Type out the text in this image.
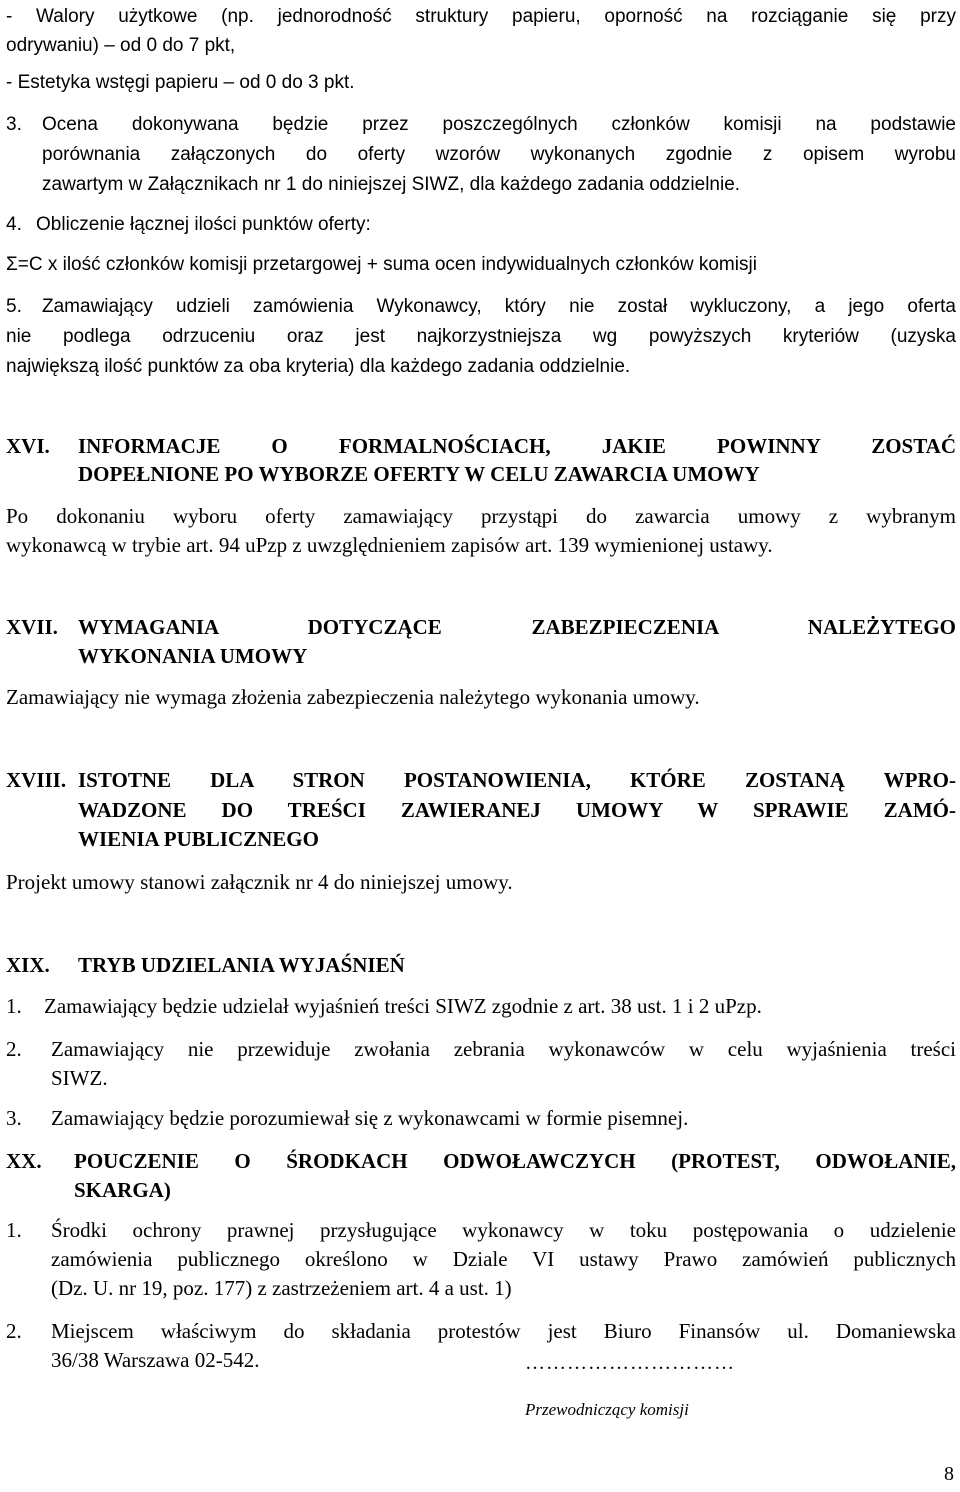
- Walory użytkowe (np. jednorodność struktury papieru, oporność na rozciąganie się przy
odrywaniu) – od 0 do 7 pkt,
- Estetyka wstęgi papieru – od 0 do 3 pkt.
3. Ocena dokonywana będzie przez poszczególnych członków komisji na podstawie
porównania załączonych do oferty wzorów wykonanych zgodnie z opisem wyrobu
zawartym w Załącznikach nr 1 do niniejszej SIWZ, dla każdego zadania oddzielnie.
4. Obliczenie łącznej ilości punktów oferty:
Σ=C x ilość członków komisji przetargowej + suma ocen indywidualnych członków komisji
5. Zamawiający udzieli zamówienia Wykonawcy, który nie został wykluczony, a jego oferta
nie podlega odrzuceniu oraz jest najkorzystniejsza wg powyższych kryteriów (uzyska
największą ilość punktów za oba kryteria) dla każdego zadania oddzielnie.
XVI. INFORMACJE O FORMALNOŚCIACH, JAKIE POWINNY ZOSTAĆ
DOPEŁNIONE PO WYBORZE OFERTY W CELU ZAWARCIA UMOWY
Po dokonaniu wyboru oferty zamawiający przystąpi do zawarcia umowy z wybranym
wykonawcą w trybie art. 94 uPzp z uwzględnieniem zapisów art. 139 wymienionej ustawy.
XVII. WYMAGANIA DOTYCZĄCE ZABEZPIECZENIA NALEŻYTEGO
WYKONANIA UMOWY
Zamawiający nie wymaga złożenia zabezpieczenia należytego wykonania umowy.
XVIII. ISTOTNE DLA STRON POSTANOWIENIA, KTÓRE ZOSTANĄ WPRO-
WADZONE DO TREŚCI ZAWIERANEJ UMOWY W SPRAWIE ZAMÓ-
WIENIA PUBLICZNEGO
Projekt umowy stanowi załącznik nr 4 do niniejszej umowy.
XIX. TRYB UDZIELANIA WYJAŚNIEŃ
1. Zamawiający będzie udzielał wyjaśnień treści SIWZ zgodnie z art. 38 ust. 1 i 2 uPzp.
2. Zamawiający nie przewiduje zwołania zebrania wykonawców w celu wyjaśnienia treści
SIWZ.
3. Zamawiający będzie porozumiewał się z wykonawcami w formie pisemnej.
XX. POUCZENIE O ŚRODKACH ODWOŁAWCZYCH (PROTEST, ODWOŁANIE,
SKARGA)
1. Środki ochrony prawnej przysługujące wykonawcy w toku postępowania o udzielenie
zamówienia publicznego określono w Dziale VI ustawy Prawo zamówień publicznych
(Dz. U. nr 19, poz. 177) z zastrzeżeniem art. 4 a ust. 1)
2. Miejscem właściwym do składania protestów jest Biuro Finansów ul. Domaniewska
36/38 Warszawa 02-542.	…………………………
Przewodniczący komisji
8
